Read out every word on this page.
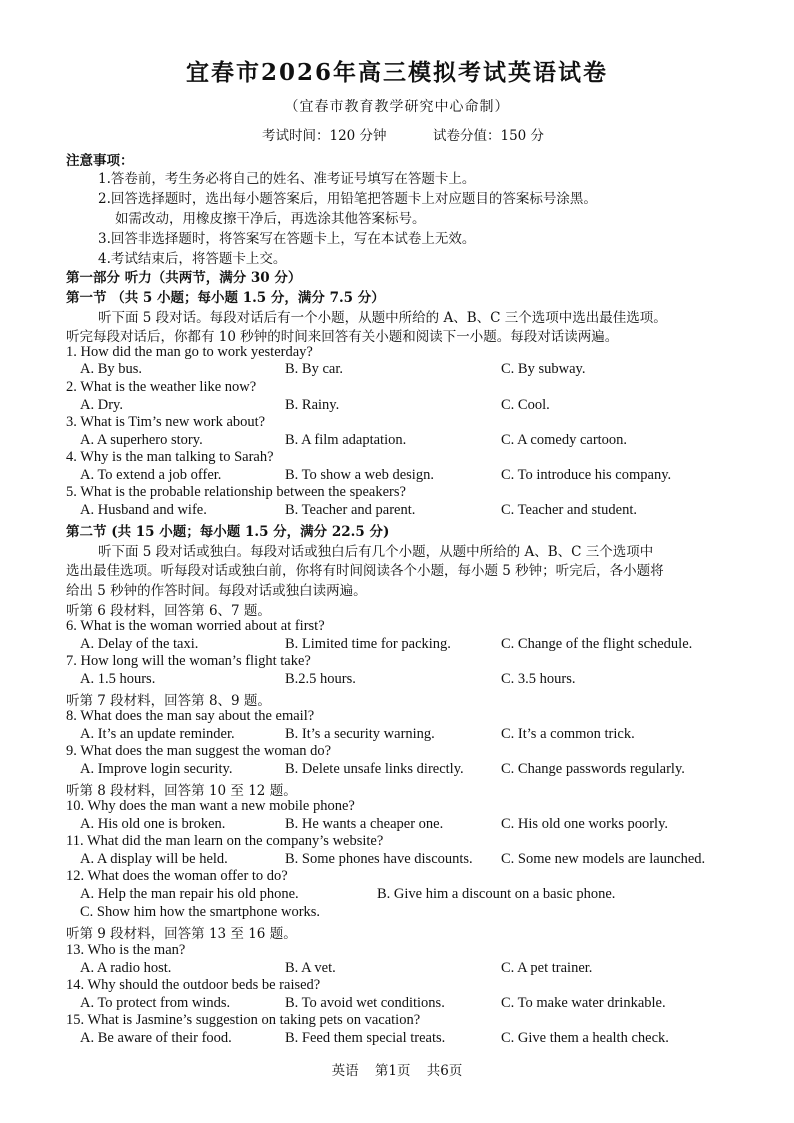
宜春市2026年高三模拟考试英语试卷
（宜春市教育教学研究中心命制）
考试时间：120 分钟	试卷分值：150 分
注意事项：
1.答卷前，考生务必将自己的姓名、准考证号填写在答题卡上。
2.回答选择题时，选出每小题答案后，用铅笔把答题卡上对应题目的答案标号涂黑。
如需改动，用橡皮擦干净后，再选涂其他答案标号。
3.回答非选择题时，将答案写在答题卡上，写在本试卷上无效。
4.考试结束后，将答题卡上交。
第一部分 听力（共两节，满分 30 分）
第一节 （共 5 小题；每小题 1.5 分，满分 7.5 分）
听下面 5 段对话。每段对话后有一个小题，从题中所给的 A、B、C 三个选项中选出最佳选项。
听完每段对话后，你都有 10 秒钟的时间来回答有关小题和阅读下一小题。每段对话读两遍。
1. How did the man go to work yesterday?
A. By bus.	B. By car.	C. By subway.
2. What is the weather like now?
A. Dry.	B. Rainy.	C. Cool.
3. What is Tim’s new work about?
A. A superhero story.	B. A film adaptation.	C. A comedy cartoon.
4. Why is the man talking to Sarah?
A. To extend a job offer.	B. To show a web design.	C. To introduce his company.
5. What is the probable relationship between the speakers?
A. Husband and wife.	B. Teacher and parent.	C. Teacher and student.
第二节 (共 15 小题；每小题 1.5 分，满分 22.5 分)
听下面 5 段对话或独白。每段对话或独白后有几个小题，从题中所给的 A、B、C 三个选项中
选出最佳选项。听每段对话或独白前，你将有时间阅读各个小题，每小题 5 秒钟；听完后，各小题将
给出 5 秒钟的作答时间。每段对话或独白读两遍。
听第 6 段材料，回答第 6、7 题。
6. What is the woman worried about at first?
A. Delay of the taxi.	B. Limited time for packing.	C. Change of the flight schedule.
7. How long will the woman’s flight take?
A. 1.5 hours.	B.2.5 hours.	C. 3.5 hours.
听第 7 段材料，回答第 8、9 题。
8. What does the man say about the email?
A. It’s an update reminder.	B. It’s a security warning.	C. It’s a common trick.
9. What does the man suggest the woman do?
A. Improve login security.	B. Delete unsafe links directly.	C. Change passwords regularly.
听第 8 段材料，回答第 10 至 12 题。
10. Why does the man want a new mobile phone?
A. His old one is broken.	B. He wants a cheaper one.	C. His old one works poorly.
11. What did the man learn on the company’s website?
A. A display will be held.	B. Some phones have discounts. C. Some new models are launched.
12. What does the woman offer to do?
A. Help the man repair his old phone.	B. Give him a discount on a basic phone.
C. Show him how the smartphone works.
听第 9 段材料，回答第 13 至 16 题。
13. Who is the man?
A. A radio host.	B. A vet.	C. A pet trainer.
14. Why should the outdoor beds be raised?
A. To protect from winds.	B. To avoid wet conditions.	C. To make water drinkable.
15. What is Jasmine’s suggestion on taking pets on vacation?
A. Be aware of their food.	B. Feed them special treats.	C. Give them a health check.
英语 第1页 共6页
